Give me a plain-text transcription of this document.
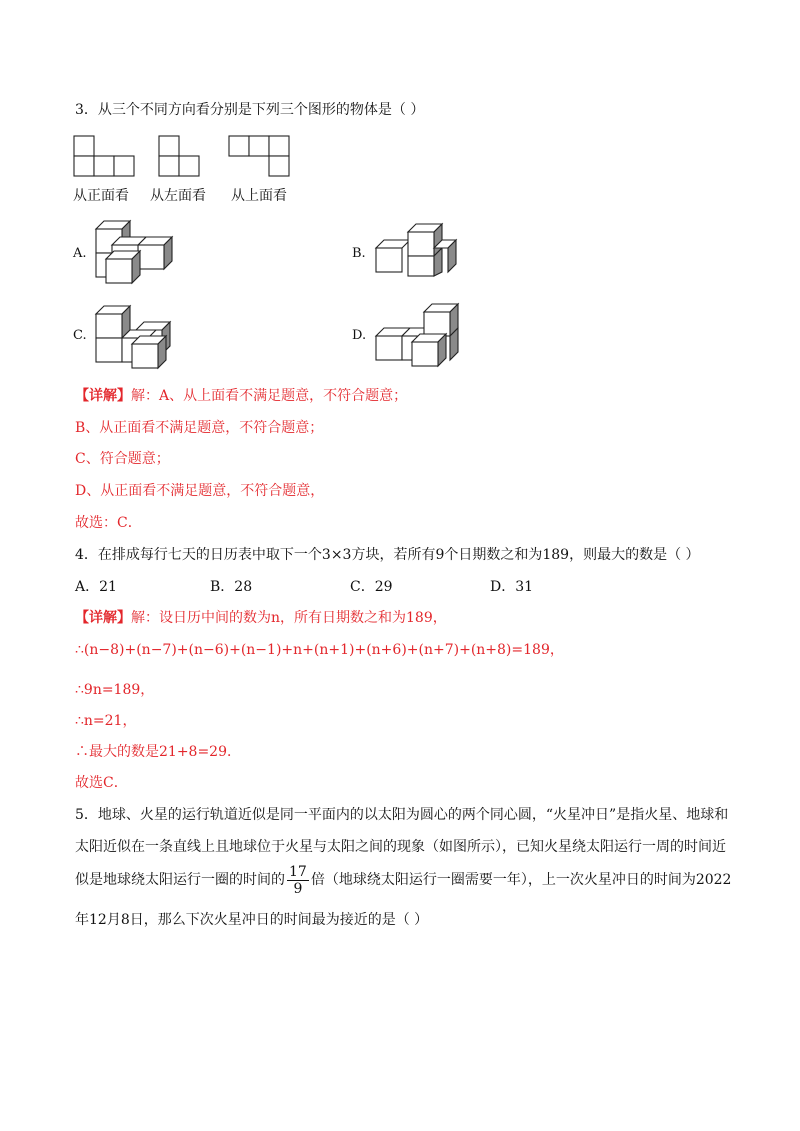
3．从三个不同方向看分别是下列三个图形的物体是（ ）
从正面看 从左面看 从上面看
A.	B.
C.	D.
【详解】解：A、从上面看不满足题意，不符合题意；
B、从正面看不满足题意，不符合题意；
C、符合题意；
D、从正面看不满足题意，不符合题意，
故选：C．
4．在排成每行七天的日历表中取下一个3×3方块，若所有9个日期数之和为189，则最大的数是（ ）
A．21	B．28	C．29	D．31
【详解】解：设日历中间的数为n，所有日期数之和为189，
∴(n−8)+(n−7)+(n−6)+(n−1)+n+(n+1)+(n+6)+(n+7)+(n+8)=189，
∴9n=189，
∴n=21，
∴最大的数是21+8=29．
故选C．
5．地球、火星的运行轨道近似是同一平面内的以太阳为圆心的两个同心圆，“火星冲日”是指火星、地球和
太阳近似在一条直线上且地球位于火星与太阳之间的现象（如图所示），已知火星绕太阳运行一周的时间近
似是地球绕太阳运行一圈的时间的 $\frac{17}{9}$ 倍（地球绕太阳运行一圈需要一年），上一次火星冲日的时间为2022
年12月8日，那么下次火星冲日的时间最为接近的是（ ）
